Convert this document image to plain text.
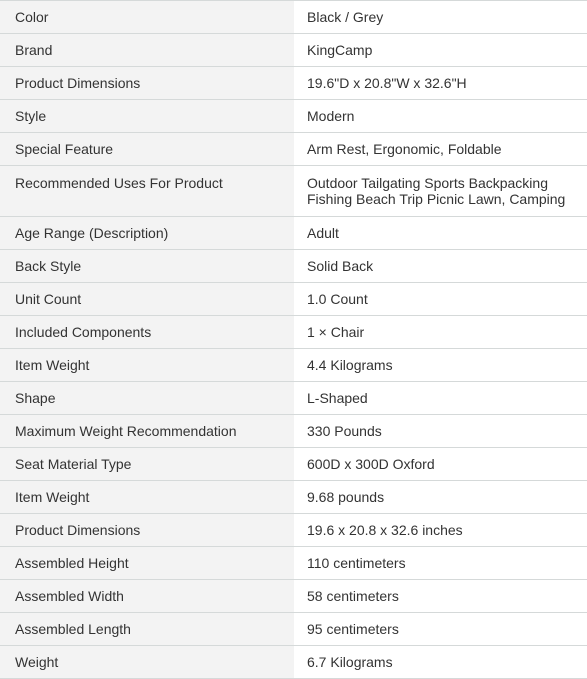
Color	Black / Grey
Brand	KingCamp
Product Dimensions	19.6"D x 20.8"W x 32.6"H
Style	Modern
Special Feature	Arm Rest, Ergonomic, Foldable
Recommended Uses For Product	Outdoor Tailgating Sports Backpacking Fishing Beach Trip Picnic Lawn, Camping
Age Range (Description)	Adult
Back Style	Solid Back
Unit Count	1.0 Count
Included Components	1 × Chair
Item Weight	4.4 Kilograms
Shape	L-Shaped
Maximum Weight Recommendation	330 Pounds
Seat Material Type	600D x 300D Oxford
Item Weight	9.68 pounds
Product Dimensions	19.6 x 20.8 x 32.6 inches
Assembled Height	110 centimeters
Assembled Width	58 centimeters
Assembled Length	95 centimeters
Weight	6.7 Kilograms
